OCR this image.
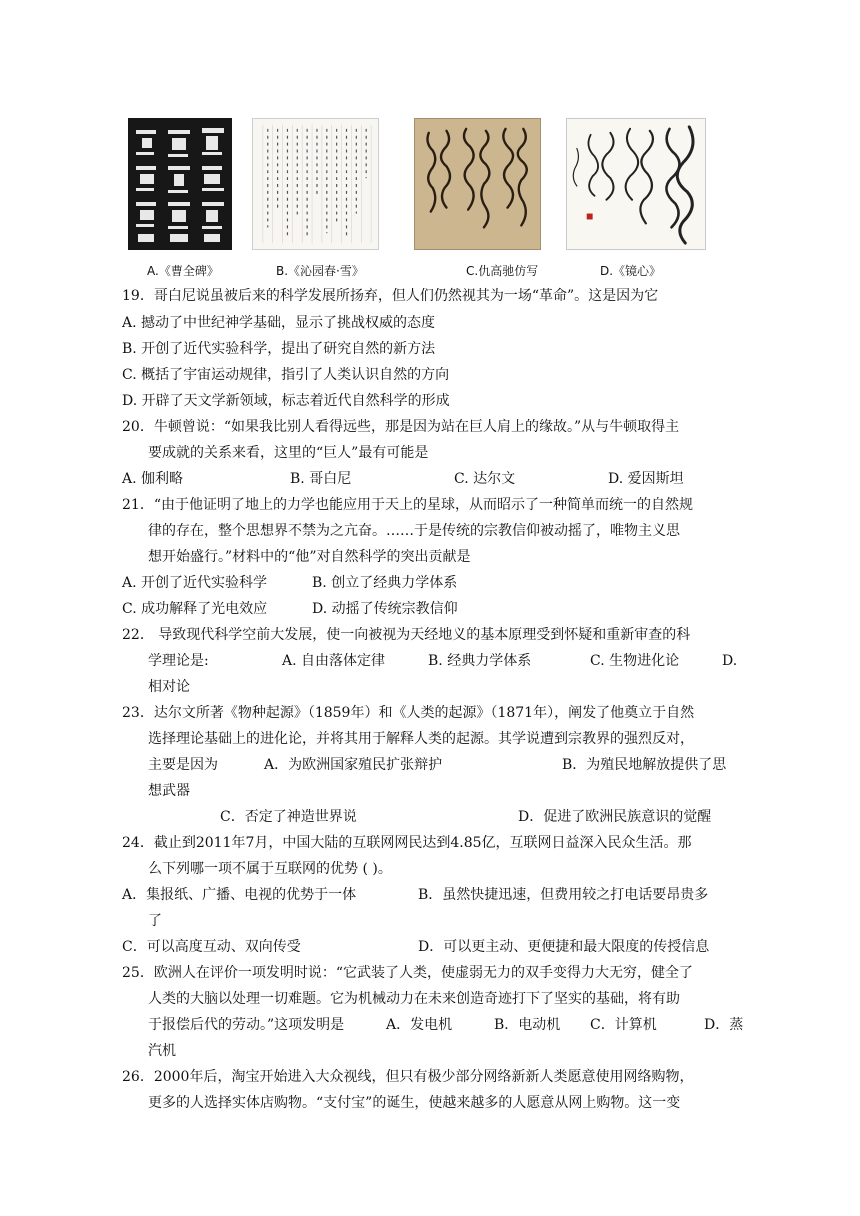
A.《曹全碑》	B.《沁园春·雪》	C.仇高驰仿写	D.《镜心》
19．哥白尼说虽被后来的科学发展所扬弃，但人们仍然视其为一场“革命”。这是因为它
A. 撼动了中世纪神学基础，显示了挑战权威的态度
B. 开创了近代实验科学，提出了研究自然的新方法
C. 概括了宇宙运动规律，指引了人类认识自然的方向
D. 开辟了天文学新领域，标志着近代自然科学的形成
20．牛顿曾说：“如果我比别人看得远些，那是因为站在巨人肩上的缘故。”从与牛顿取得主
要成就的关系来看，这里的“巨人”最有可能是
A. 伽利略	B. 哥白尼	C. 达尔文	D. 爱因斯坦
21．“由于他证明了地上的力学也能应用于天上的星球，从而昭示了一种简单而统一的自然规
律的存在，整个思想界不禁为之亢奋。……于是传统的宗教信仰被动摇了，唯物主义思
想开始盛行。”材料中的“他”对自然科学的突出贡献是
A. 开创了近代实验科学	B. 创立了经典力学体系
C. 成功解释了光电效应	D. 动摇了传统宗教信仰
22． 导致现代科学空前大发展，使一向被视为天经地义的基本原理受到怀疑和重新审查的科
学理论是:	A. 自由落体定律	B. 经典力学体系	C. 生物进化论	D.
相对论
23．达尔文所著《物种起源》（1859年）和《人类的起源》（1871年），阐发了他奠立于自然
选择理论基础上的进化论，并将其用于解释人类的起源。其学说遭到宗教界的强烈反对，
主要是因为	A．为欧洲国家殖民扩张辩护	B．为殖民地解放提供了思
想武器
C．否定了神造世界说	D．促进了欧洲民族意识的觉醒
24．截止到2011年7月，中国大陆的互联网网民达到4.85亿，互联网日益深入民众生活。那
么下列哪一项不属于互联网的优势 ( )。
A．集报纸、广播、电视的优势于一体	B．虽然快捷迅速，但费用较之打电话要昂贵多
了
C．可以高度互动、双向传受	D．可以更主动、更便捷和最大限度的传授信息
25．欧洲人在评价一项发明时说：“它武装了人类，使虚弱无力的双手变得力大无穷，健全了
人类的大脑以处理一切难题。它为机械动力在未来创造奇迹打下了坚实的基础，将有助
于报偿后代的劳动。”这项发明是	A．发电机	B．电动机 C．计算机	D．蒸
汽机
26．2000年后，淘宝开始进入大众视线，但只有极少部分网络新新人类愿意使用网络购物，
更多的人选择实体店购物。“支付宝”的诞生，使越来越多的人愿意从网上购物。这一变
